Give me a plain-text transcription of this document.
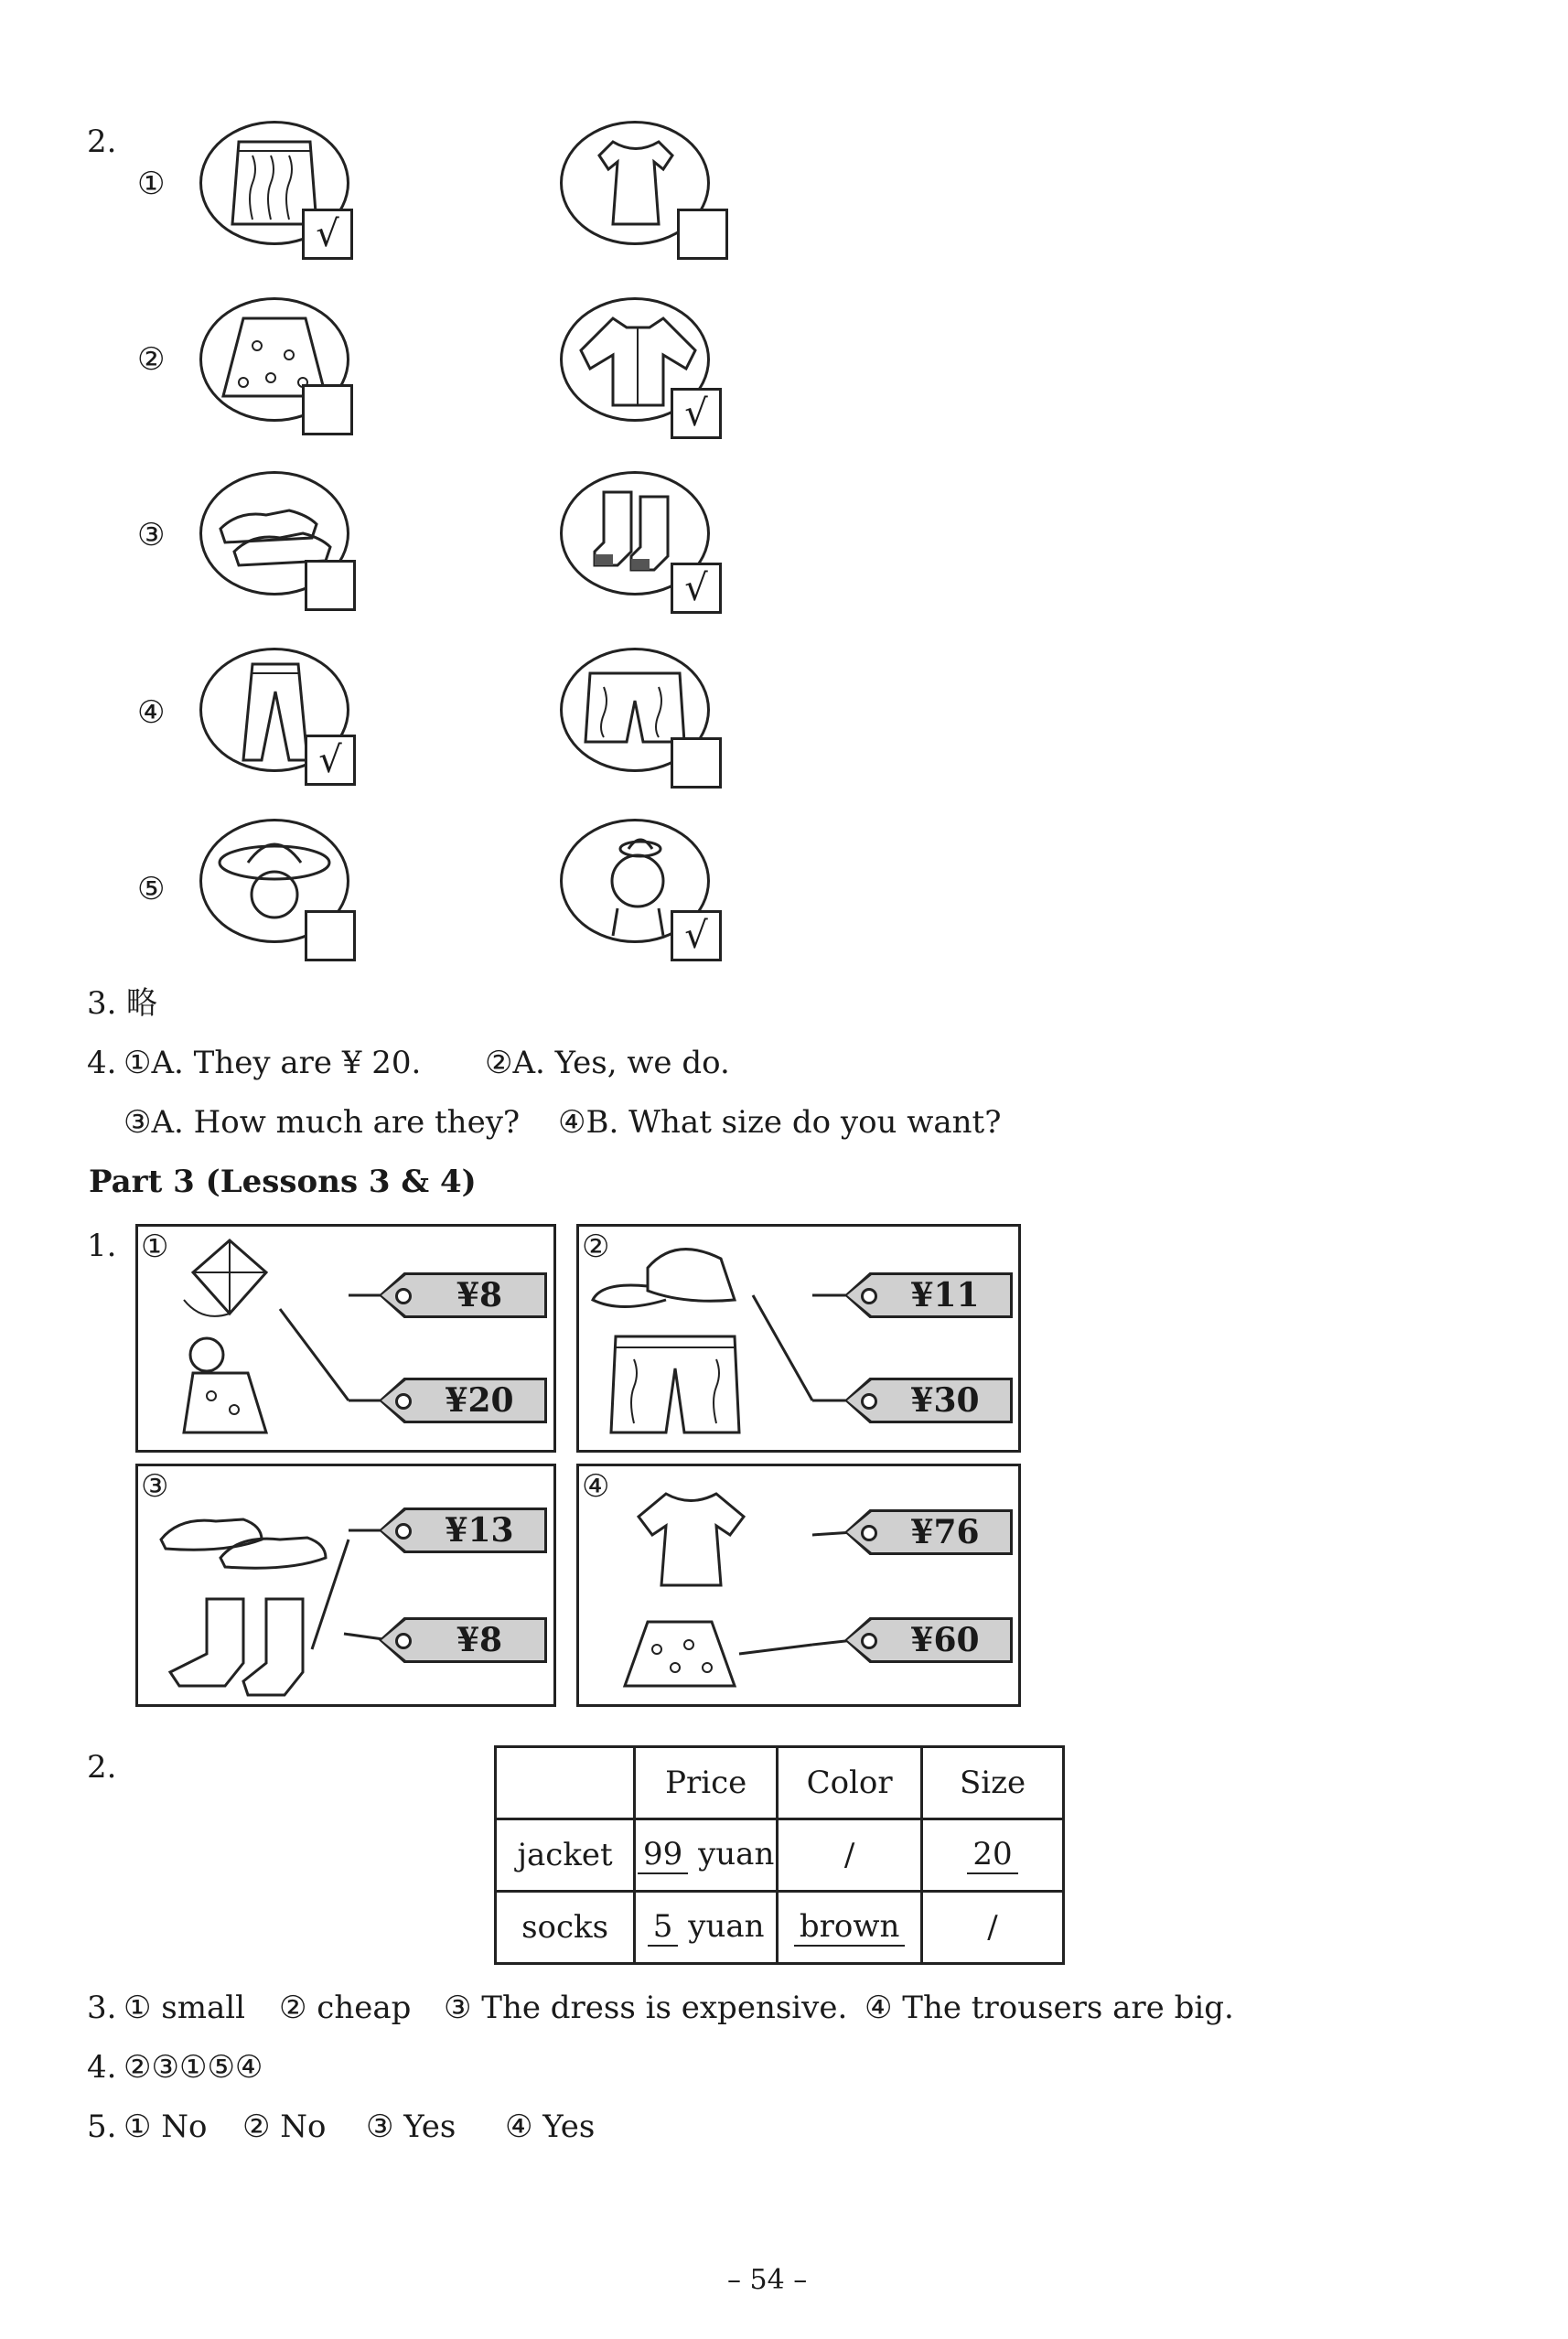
2.
①
√
②
√
③
√
④
√
⑤
√
3. 略
4. ①A. They are ¥ 20. ②A. Yes, we do.
③A. How much are they? ④B. What size do you want?
Part 3 (Lessons 3 & 4)
1. ①
¥8
¥20
②
¥11
¥30
③
¥13
¥8
④
¥76
¥60
2.
		Price	Color	Size
jacket	99 yuan	/	20
socks	5 yuan	brown	/
3. ① small ② cheap ③ The dress is expensive. ④ The trousers are big.
4. ②③①⑤④
5. ① No ② No ③ Yes ④ Yes
– 54 –
